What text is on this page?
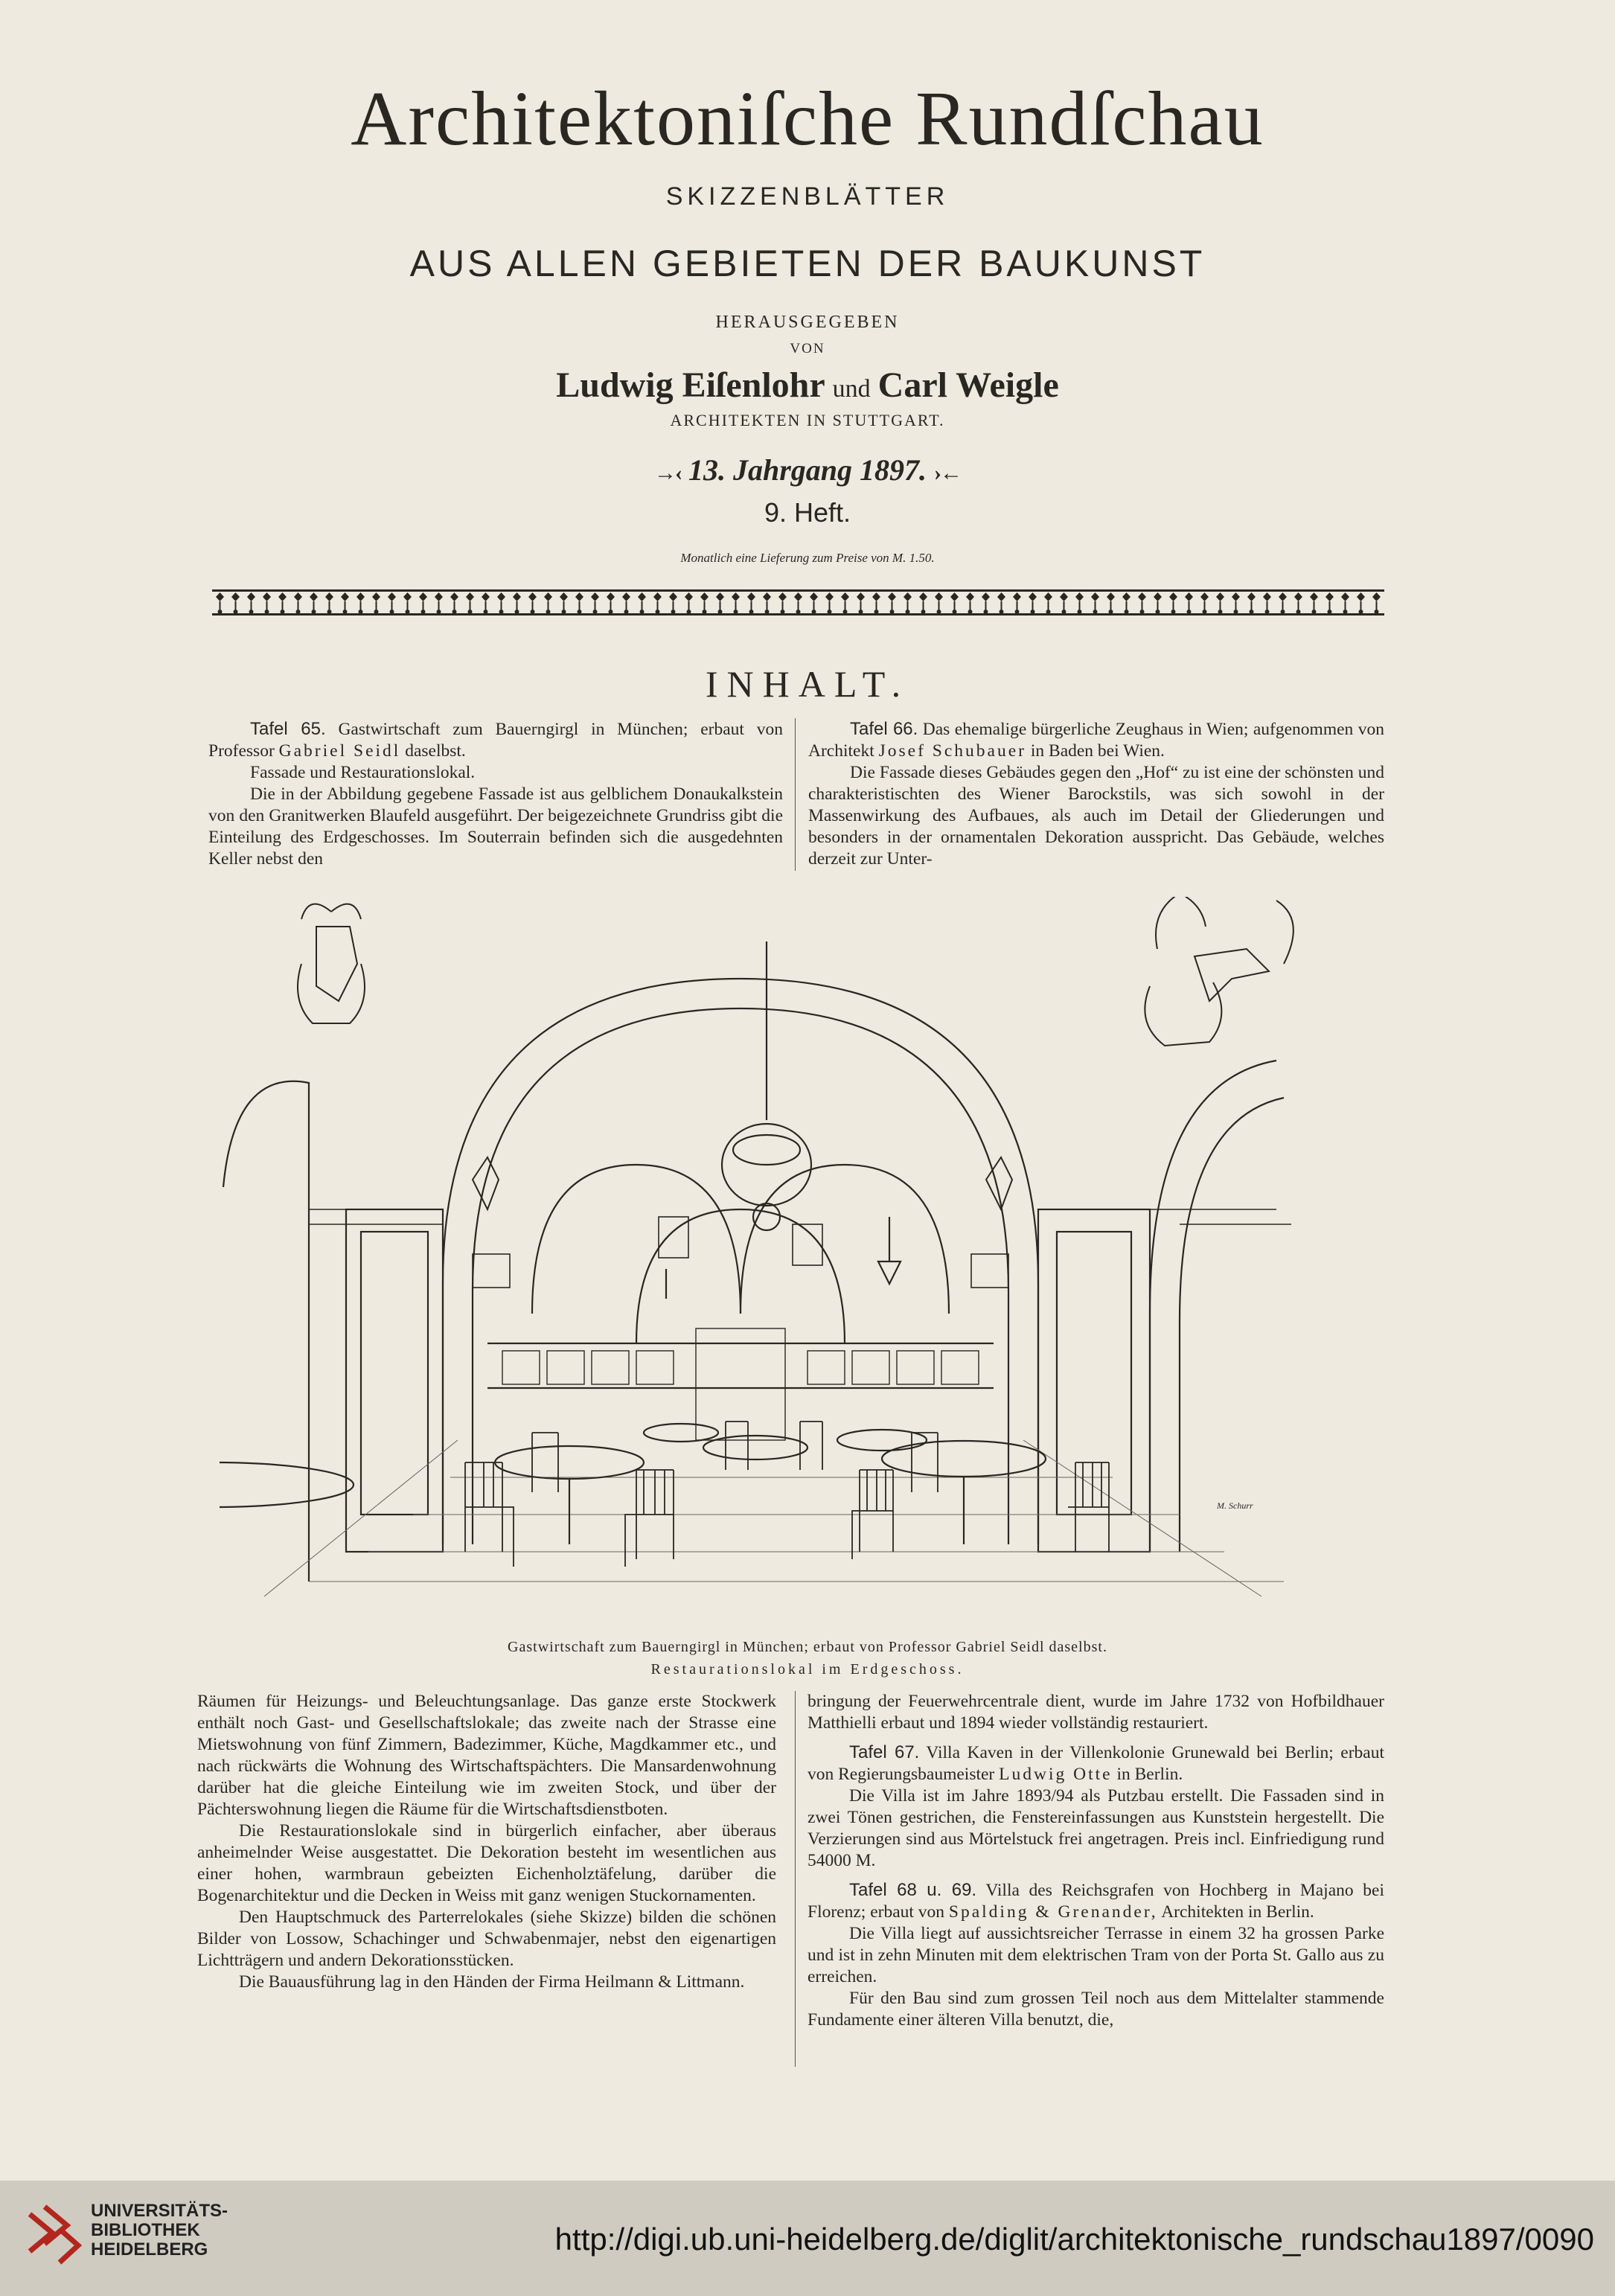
Architektoniſche Rundſchau
SKIZZENBLÄTTER
AUS ALLEN GEBIETEN DER BAUKUNST
HERAUSGEGEBEN
VON
Ludwig Eiſenlohr und Carl Weigle
ARCHITEKTEN IN STUTTGART.
→‹ 13. Jahrgang 1897. ›←
9. Heft.
Monatlich eine Lieferung zum Preise von M. 1.50.
INHALT.

Tafel 65. Gastwirtschaft zum Bauerngirgl in München; erbaut von Professor Gabriel Seidl daselbst.

Fassade und Restaurationslokal.

Die in der Abbildung gegebene Fassade ist aus gelblichem Donaukalkstein von den Granitwerken Blaufeld ausgeführt. Der beigezeichnete Grundriss gibt die Einteilung des Erdgeschosses. Im Souterrain befinden sich die ausgedehnten Keller nebst den

Tafel 66. Das ehemalige bürgerliche Zeughaus in Wien; aufgenommen von Architekt Josef Schubauer in Baden bei Wien.

Die Fassade dieses Gebäudes gegen den „Hof“ zu ist eine der schönsten und charakteristischten des Wiener Barockstils, was sich sowohl in der Massenwirkung des Aufbaues, als auch im Detail der Gliederungen und besonders in der ornamentalen Dekoration ausspricht. Das Gebäude, welches derzeit zur Unter-

M. Schurr
Gastwirtschaft zum Bauerngirgl in München; erbaut von Professor Gabriel Seidl daselbst.
Restaurationslokal im Erdgeschoss.

Räumen für Heizungs- und Beleuchtungsanlage. Das ganze erste Stockwerk enthält noch Gast- und Gesellschaftslokale; das zweite nach der Strasse eine Mietswohnung von fünf Zimmern, Badezimmer, Küche, Magdkammer etc., und nach rückwärts die Wohnung des Wirtschaftspächters. Die Mansardenwohnung darüber hat die gleiche Einteilung wie im zweiten Stock, und über der Pächterswohnung liegen die Räume für die Wirtschaftsdienstboten.

Die Restaurationslokale sind in bürgerlich einfacher, aber überaus anheimelnder Weise ausgestattet. Die Dekoration besteht im wesentlichen aus einer hohen, warmbraun gebeizten Eichenholztäfelung, darüber die Bogenarchitektur und die Decken in Weiss mit ganz wenigen Stuckornamenten.

Den Hauptschmuck des Parterrelokales (siehe Skizze) bilden die schönen Bilder von Lossow, Schachinger und Schwabenmajer, nebst den eigenartigen Lichtträgern und andern Dekorationsstücken.

Die Bauausführung lag in den Händen der Firma Heilmann & Littmann.

bringung der Feuerwehrcentrale dient, wurde im Jahre 1732 von Hofbildhauer Matthielli erbaut und 1894 wieder vollständig restauriert.

Tafel 67. Villa Kaven in der Villenkolonie Grunewald bei Berlin; erbaut von Regierungsbaumeister Ludwig Otte in Berlin.

Die Villa ist im Jahre 1893/94 als Putzbau erstellt. Die Fassaden sind in zwei Tönen gestrichen, die Fenstereinfassungen aus Kunststein hergestellt. Die Verzierungen sind aus Mörtelstuck frei angetragen. Preis incl. Einfriedigung rund 54000 M.

Tafel 68 u. 69. Villa des Reichsgrafen von Hochberg in Majano bei Florenz; erbaut von Spalding & Grenander, Architekten in Berlin.

Die Villa liegt auf aussichtsreicher Terrasse in einem 32 ha grossen Parke und ist in zehn Minuten mit dem elektrischen Tram von der Porta St. Gallo aus zu erreichen.

Für den Bau sind zum grossen Teil noch aus dem Mittelalter stammende Fundamente einer älteren Villa benutzt, die,

UNIVERSITÄTS-
BIBLIOTHEK
HEIDELBERG	http://digi.ub.uni-heidelberg.de/diglit/architektonische_rundschau1897/0090
